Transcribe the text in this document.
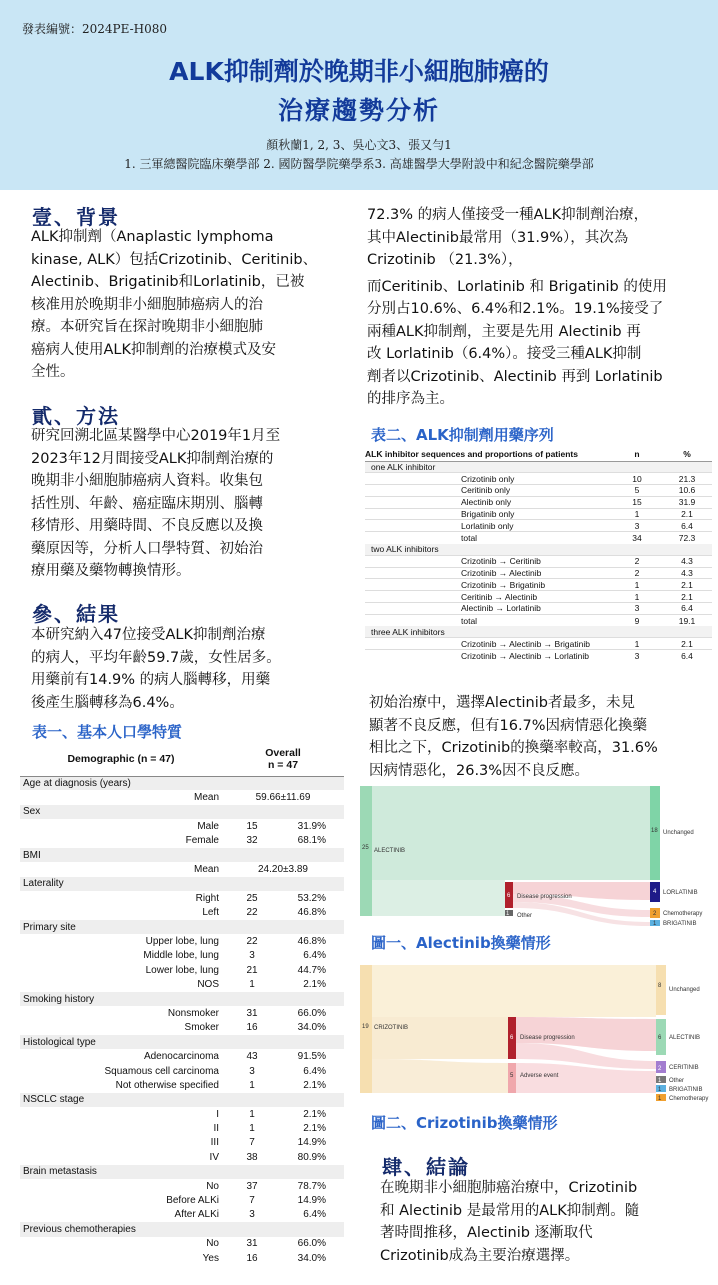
發表編號：2024PE-H080
ALK抑制劑於晚期非小細胞肺癌的
治療趨勢分析
顏秋蘭1, 2, 3、吳心文3、張又勻1
1. 三軍總醫院臨床藥學部 2. 國防醫學院藥學系3. 高雄醫學大學附設中和紀念醫院藥學部
壹、背景
ALK抑制劑（Anaplastic lymphoma
kinase, ALK）包括Crizotinib、Ceritinib、
Alectinib、Brigatinib和Lorlatinib，已被
核准用於晚期非小細胞肺癌病人的治
療。本研究旨在探討晚期非小細胞肺
癌病人使用ALK抑制劑的治療模式及安
全性。
貳、方法
研究回溯北區某醫學中心2019年1月至
2023年12月間接受ALK抑制劑治療的
晚期非小細胞肺癌病人資料。收集包
括性別、年齡、癌症臨床期別、腦轉
移情形、用藥時間、不良反應以及換
藥原因等，分析人口學特質、初始治
療用藥及藥物轉換情形。
參、結果
本研究納入47位接受ALK抑制劑治療
的病人，平均年齡59.7歲，女性居多。
用藥前有14.9% 的病人腦轉移，用藥
後產生腦轉移為6.4%。
表一、基本人口學特質
Demographic (n = 47)	Overall
n = 47	
Age at diagnosis (years)		
Mean	59.66±11.69	
Sex		
Male	15	31.9%
Female	32	68.1%
BMI		
Mean	24.20±3.89	
Laterality		
Right	25	53.2%
Left	22	46.8%
Primary site		
Upper lobe, lung	22	46.8%
Middle lobe, lung	3	6.4%
Lower lobe, lung	21	44.7%
NOS	1	2.1%
Smoking history		
Nonsmoker	31	66.0%
Smoker	16	34.0%
Histological type		
Adenocarcinoma	43	91.5%
Squamous cell carcinoma	3	6.4%
Not otherwise specified	1	2.1%
NSCLC stage		
I	1	2.1%
II	1	2.1%
III	7	14.9%
IV	38	80.9%
Brain metastasis		
No	37	78.7%
Before ALKi	7	14.9%
After ALKi	3	6.4%
Previous chemotherapies		
No	31	66.0%
Yes	16	34.0%
72.3% 的病人僅接受一種ALK抑制劑治療，
其中Alectinib最常用（31.9%），其次為
Crizotinib （21.3%），
而Ceritinib、Lorlatinib 和 Brigatinib 的使用
分別占10.6%、6.4%和2.1%。19.1%接受了
兩種ALK抑制劑，主要是先用 Alectinib 再
改 Lorlatinib（6.4%）。接受三種ALK抑制
劑者以Crizotinib、Alectinib 再到 Lorlatinib
的排序為主。
表二、ALK抑制劑用藥序列
ALK inhibitor sequences and proportions of patients	n	%
one ALK inhibitor		
Crizotinib only	10	21.3
Ceritinib only	5	10.6
Alectinib only	15	31.9
Brigatinib only	1	2.1
Lorlatinib only	3	6.4
total	34	72.3
two ALK inhibitors		
Crizotinib → Ceritinib	2	4.3
Crizotinib → Alectinib	2	4.3
Crizotinib → Brigatinib	1	2.1
Ceritinib → Alectinib	1	2.1
Alectinib → Lorlatinib	3	6.4
total	9	19.1
three ALK inhibitors		
Crizotinib → Alectinib → Brigatinib	1	2.1
Crizotinib → Alectinib → Lorlatinib	3	6.4
初始治療中，選擇Alectinib者最多，未見
顯著不良反應，但有16.7%因病情惡化換藥
相比之下，Crizotinib的換藥率較高，31.6%
因病情惡化，26.3%因不良反應。
25 ALECTINIB
6 Disease progression
1 Other
18 Unchanged
4 LORLATINIB
2 Chemotherapy
1 BRIGATINIB
圖一、Alectinib換藥情形
19 CRIZOTINIB
6 Disease progression
5 Adverse event
8
Unchanged
6 ALECTINIB
2 CERITINIB
1 Other
1 BRIGATINIB
1 Chemotherapy
圖二、Crizotinib換藥情形
肆、結論
在晚期非小細胞肺癌治療中，Crizotinib
和 Alectinib 是最常用的ALK抑制劑。隨
著時間推移，Alectinib 逐漸取代
Crizotinib成為主要治療選擇。
